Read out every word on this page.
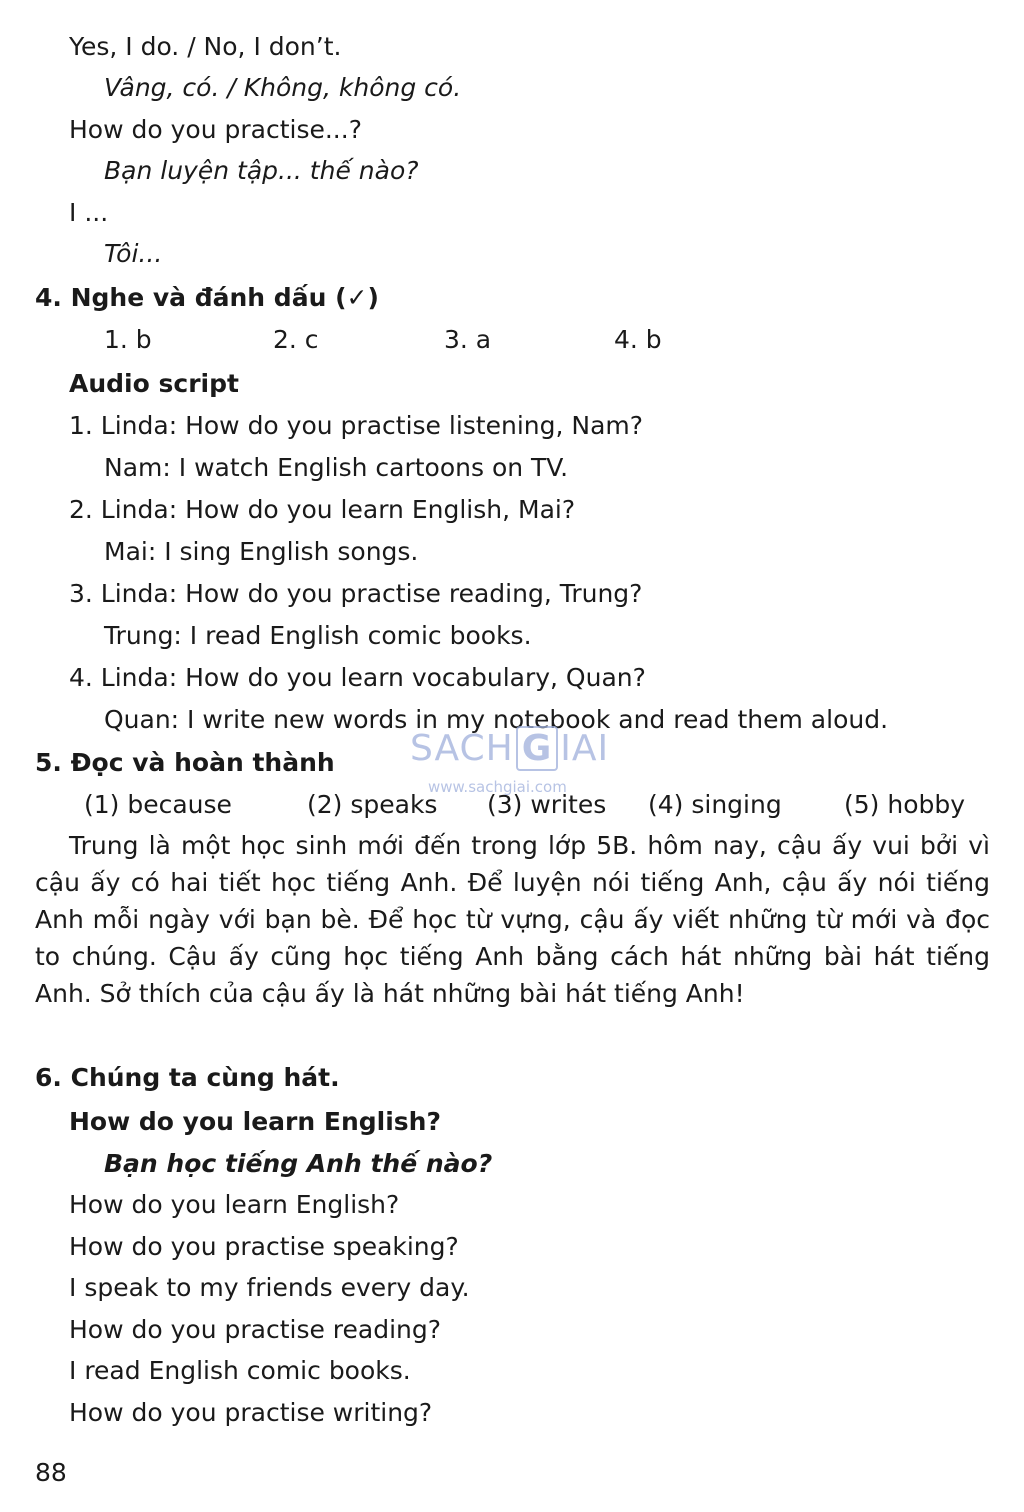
Yes, I do. / No, I don’t.
Vâng, có. / Không, không có.
How do you practise...?
Bạn luyện tập... thế nào?
I ...
Tôi...
4. Nghe và đánh dấu (✓)
1. b	2. c	3. a	4. b
Audio script
1. Linda: How do you practise listening, Nam?
Nam: I watch English cartoons on TV.
2. Linda: How do you learn English, Mai?
Mai: I sing English songs.
3. Linda: How do you practise reading, Trung?
Trung: I read English comic books.
4. Linda: How do you learn vocabulary, Quan?
Quan: I write new words in my notebook and read them aloud.
5. Đọc và hoàn thành
(1) because	(2) speaks (3) writes (4) singing (5) hobby

Trung là một học sinh mới đến trong lớp 5B. hôm nay, cậu ấy vui bởi vì cậu ấy có hai tiết học tiếng Anh. Để luyện nói tiếng Anh, cậu ấy nói tiếng Anh mỗi ngày với bạn bè. Để học từ vựng, cậu ấy viết những từ mới và đọc to chúng. Cậu ấy cũng học tiếng Anh bằng cách hát những bài hát tiếng Anh. Sở thích của cậu ấy là hát những bài hát tiếng Anh!

6. Chúng ta cùng hát.
How do you learn English?
Bạn học tiếng Anh thế nào?
How do you learn English?
How do you practise speaking?
I speak to my friends every day.
How do you practise reading?
I read English comic books.
How do you practise writing?
88
SACH G IAI
www.sachgiai.com
